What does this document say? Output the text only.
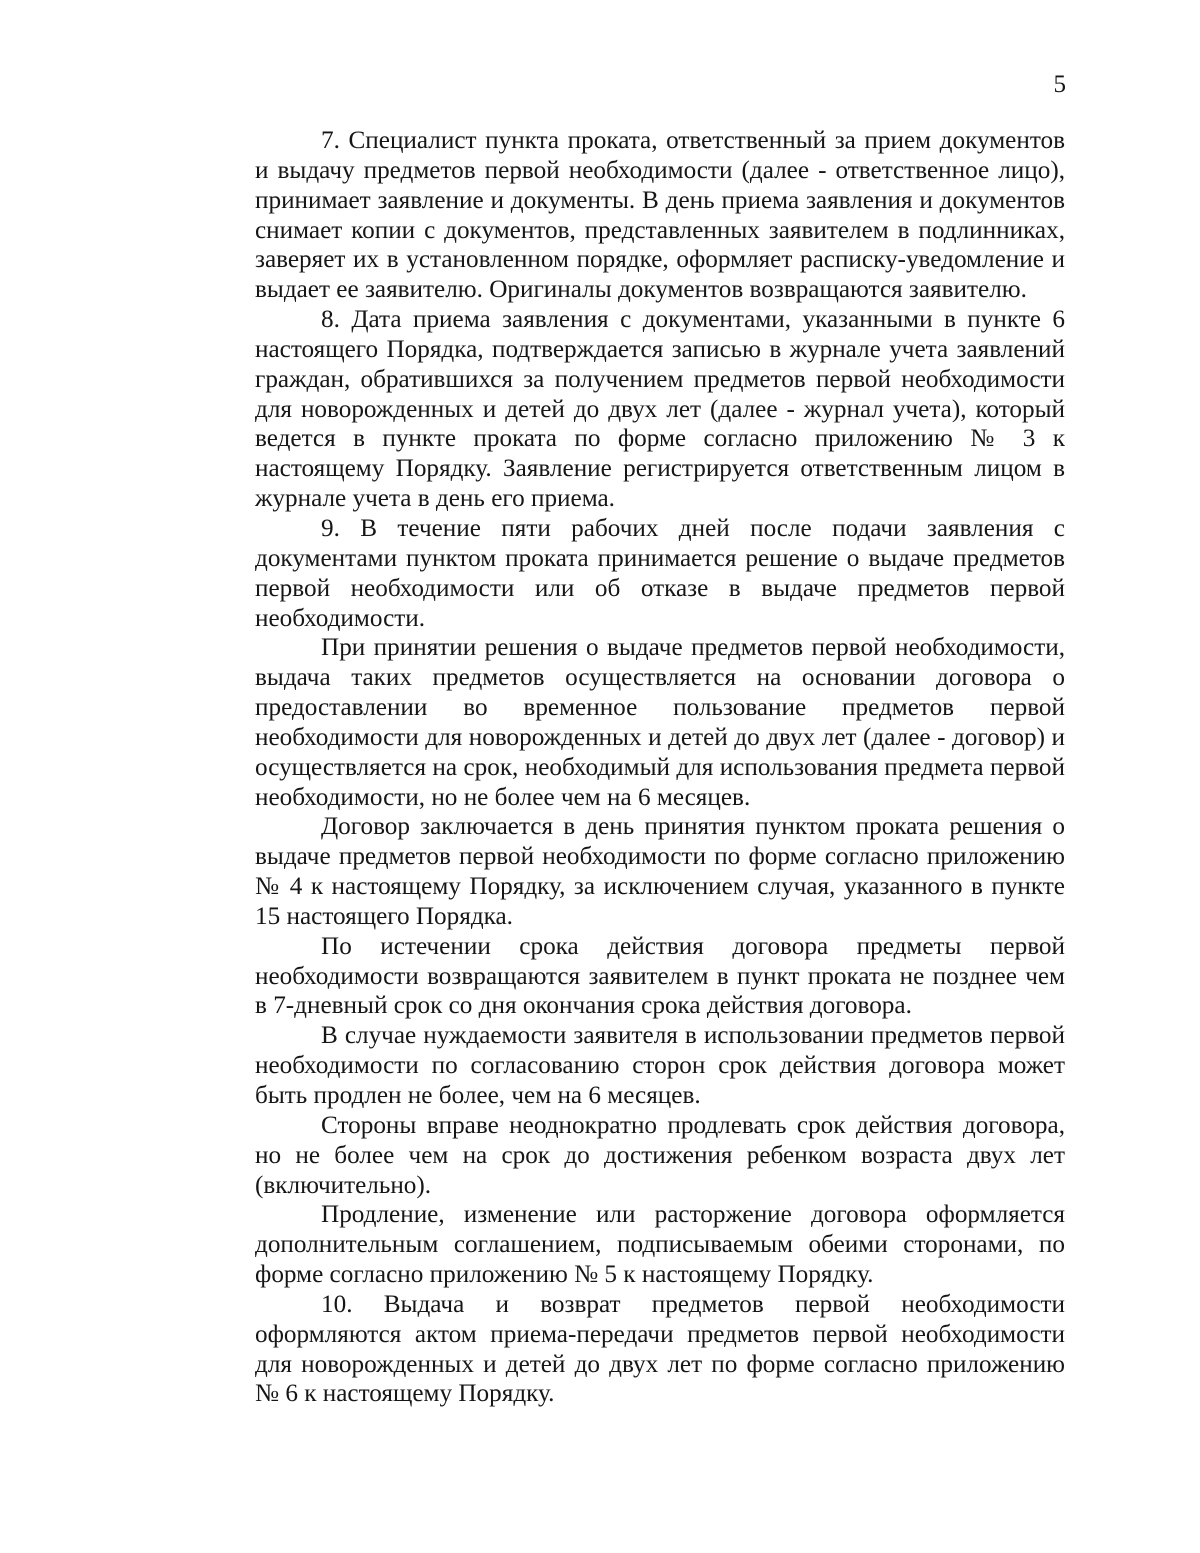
5

7. Специалист пункта проката, ответственный за прием документов и выдачу предметов первой необходимости (далее - ответственное лицо), принимает заявление и документы. В день приема заявления и документов снимает копии с документов, представленных заявителем в подлинниках, заверяет их в установленном порядке, оформляет расписку-уведомление и выдает ее заявителю. Оригиналы документов возвращаются заявителю.

8. Дата приема заявления с документами, указанными в пункте 6 настоящего Порядка, подтверждается записью в журнале учета заявлений граждан, обратившихся за получением предметов первой необходимости для новорожденных и детей до двух лет (далее - журнал учета), который ведется в пункте проката по форме согласно приложению № 3 к настоящему Порядку. Заявление регистрируется ответственным лицом в журнале учета в день его приема.

9. В течение пяти рабочих дней после подачи заявления с документами пунктом проката принимается решение о выдаче предметов первой необходимости или об отказе в выдаче предметов первой необходимости.

При принятии решения о выдаче предметов первой необходимости, выдача таких предметов осуществляется на основании договора о предоставлении во временное пользование предметов первой необходимости для новорожденных и детей до двух лет (далее - договор) и осуществляется на срок, необходимый для использования предмета первой необходимости, но не более чем на 6 месяцев.

Договор заключается в день принятия пунктом проката решения о выдаче предметов первой необходимости по форме согласно приложению № 4 к настоящему Порядку, за исключением случая, указанного в пункте 15 настоящего Порядка.

По истечении срока действия договора предметы первой необходимости возвращаются заявителем в пункт проката не позднее чем в 7-дневный срок со дня окончания срока действия договора.

В случае нуждаемости заявителя в использовании предметов первой необходимости по согласованию сторон срок действия договора может быть продлен не более, чем на 6 месяцев.

Стороны вправе неоднократно продлевать срок действия договора, но не более чем на срок до достижения ребенком возраста двух лет (включительно).

Продление, изменение или расторжение договора оформляется дополнительным соглашением, подписываемым обеими сторонами, по форме согласно приложению № 5 к настоящему Порядку.

10. Выдача и возврат предметов первой необходимости оформляются актом приема-передачи предметов первой необходимости для новорожденных и детей до двух лет по форме согласно приложению № 6 к настоящему Порядку.
